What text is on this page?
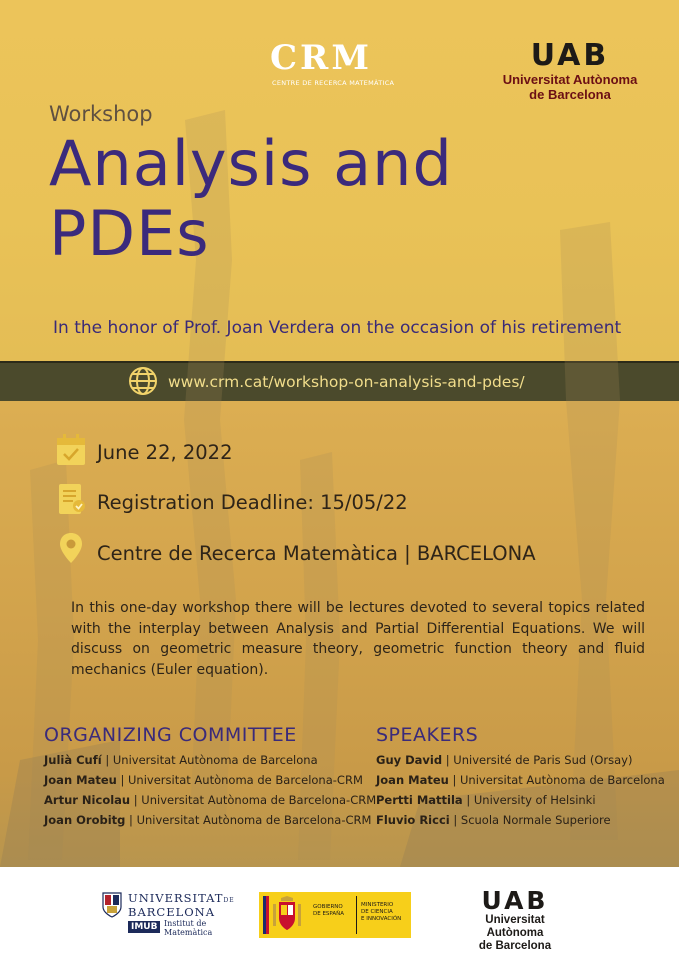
CRM
CENTRE DE RECERCA MATEMÀTICA
UAB
Universitat Autònoma
de Barcelona
Workshop
Analysis and
PDEs
In the honor of Prof. Joan Verdera on the occasion of his retirement
www.crm.cat/workshop-on-analysis-and-pdes/
June 22, 2022
Registration Deadline: 15/05/22
Centre de Recerca Matemàtica | BARCELONA
In this one-day workshop there will be lectures devoted to several topics related with the interplay between Analysis and Partial Differential Equations. We will discuss on geometric measure theory, geometric function theory and fluid mechanics (Euler equation).
ORGANIZING COMMITTEE
Julià Cufí | Universitat Autònoma de Barcelona
Joan Mateu | Universitat Autònoma de Barcelona-CRM
Artur Nicolau | Universitat Autònoma de Barcelona-CRM
Joan Orobitg | Universitat Autònoma de Barcelona-CRM
SPEAKERS
Guy David | Université de Paris Sud (Orsay)
Joan Mateu | Universitat Autònoma de Barcelona
Pertti Mattila | University of Helsinki
Fluvio Ricci | Scuola Normale Superiore
UNIVERSITATDE
BARCELONA
IMUB Institut de
Matemàtica
GOBIERNO
DE ESPAÑA
MINISTERIO
DE CIENCIA
E INNOVACIÓN
UAB
Universitat Autònoma
de Barcelona
